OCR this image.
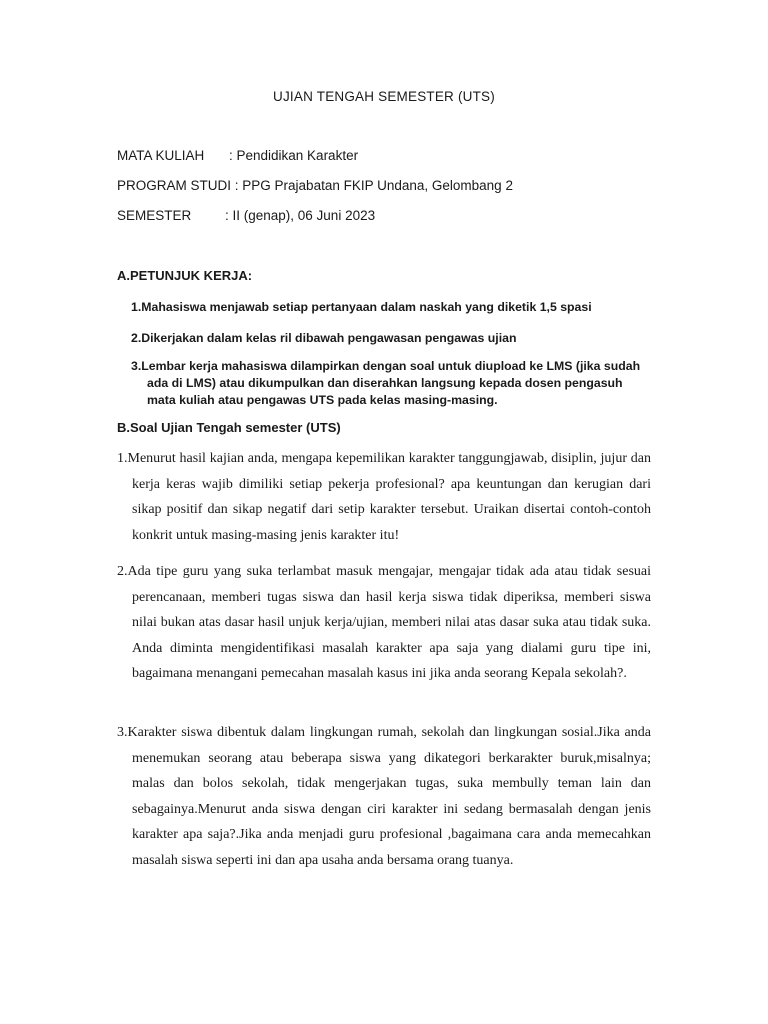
UJIAN TENGAH SEMESTER (UTS)
MATA KULIAH : Pendidikan Karakter
PROGRAM STUDI : PPG Prajabatan FKIP Undana, Gelombang 2
SEMESTER : II (genap), 06 Juni 2023
A.PETUNJUK KERJA:
1.Mahasiswa menjawab setiap pertanyaan dalam naskah yang diketik 1,5 spasi
2.Dikerjakan dalam kelas ril dibawah pengawasan pengawas ujian
3.Lembar kerja mahasiswa dilampirkan dengan soal untuk diupload ke LMS (jika sudah
ada di LMS) atau dikumpulkan dan diserahkan langsung kepada dosen pengasuh mata kuliah atau pengawas UTS pada kelas masing-masing.
B.Soal Ujian Tengah semester (UTS)
1.Menurut hasil kajian anda, mengapa kepemilikan karakter tanggungjawab, disiplin, jujur dan kerja keras wajib dimiliki setiap pekerja profesional? apa keuntungan dan kerugian dari sikap positif dan sikap negatif dari setip karakter tersebut. Uraikan disertai contoh-contoh konkrit untuk masing-masing jenis karakter itu!
2.Ada tipe guru yang suka terlambat masuk mengajar, mengajar tidak ada atau tidak sesuai perencanaan, memberi tugas siswa dan hasil kerja siswa tidak diperiksa, memberi siswa nilai bukan atas dasar hasil unjuk kerja/ujian, memberi nilai atas dasar suka atau tidak suka. Anda diminta mengidentifikasi masalah karakter apa saja yang dialami guru tipe ini, bagaimana menangani pemecahan masalah kasus ini jika anda seorang Kepala sekolah?.
3.Karakter siswa dibentuk dalam lingkungan rumah, sekolah dan lingkungan sosial.Jika anda menemukan seorang atau beberapa siswa yang dikategori berkarakter buruk,misalnya; malas dan bolos sekolah, tidak mengerjakan tugas, suka membully teman lain dan sebagainya.Menurut anda siswa dengan ciri karakter ini sedang bermasalah dengan jenis karakter apa saja?.Jika anda menjadi guru profesional ,bagaimana cara anda memecahkan masalah siswa seperti ini dan apa usaha anda bersama orang tuanya.
